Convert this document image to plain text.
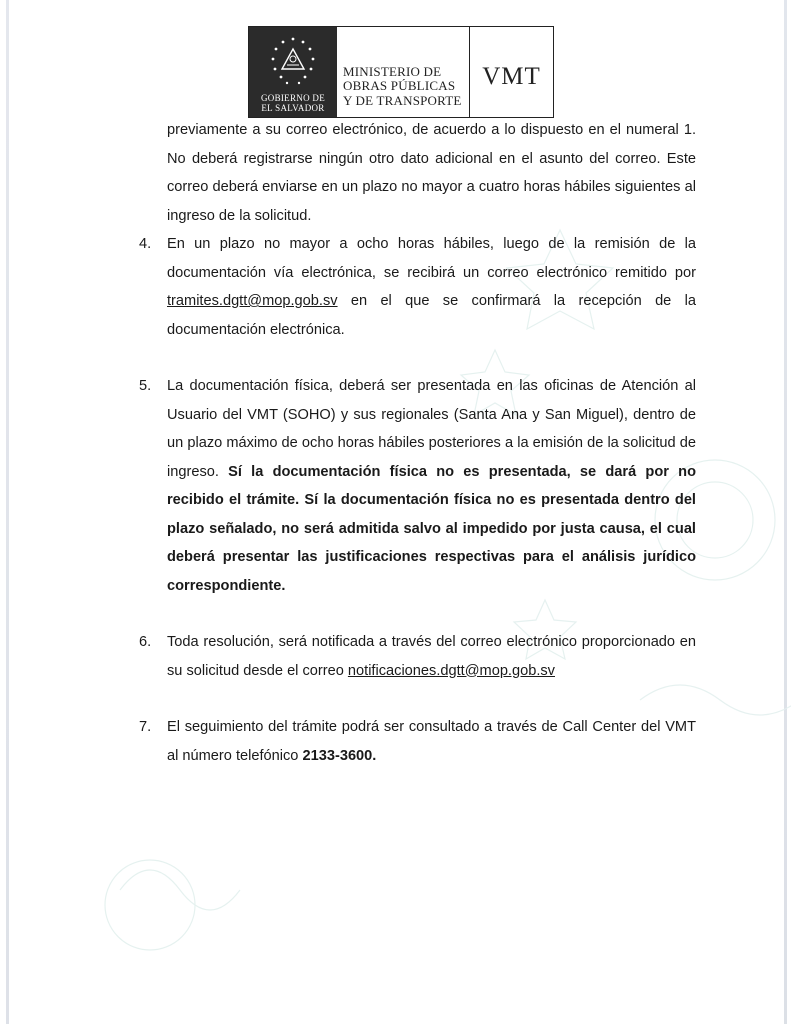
GOBIERNO DE
EL SALVADOR
MINISTERIO DE
OBRAS PÚBLICAS
Y DE TRANSPORTE
VMT

previamente a su correo electrónico, de acuerdo a lo dispuesto en el numeral 1. No deberá registrarse ningún otro dato adicional en el asunto del correo. Este correo deberá enviarse en un plazo no mayor a cuatro horas hábiles siguientes al ingreso de la solicitud.

4.	En un plazo no mayor a ocho horas hábiles, luego de la remisión de la documentación vía electrónica, se recibirá un correo electrónico remitido por tramites.dgtt@mop.gob.sv en el que se confirmará la recepción de la documentación electrónica.

5.	La documentación física, deberá ser presentada en las oficinas de Atención al Usuario del VMT (SOHO) y sus regionales (Santa Ana y San Miguel), dentro de un plazo máximo de ocho horas hábiles posteriores a la emisión de la solicitud de ingreso. Sí la documentación física no es presentada, se dará por no recibido el trámite. Sí la documentación física no es presentada dentro del plazo señalado, no será admitida salvo al impedido por justa causa, el cual deberá presentar las justificaciones respectivas para el análisis jurídico correspondiente.

6.	Toda resolución, será notificada a través del correo electrónico proporcionado en su solicitud desde el correo notificaciones.dgtt@mop.gob.sv

7.	El seguimiento del trámite podrá ser consultado a través de Call Center del VMT al número telefónico 2133-3600.
